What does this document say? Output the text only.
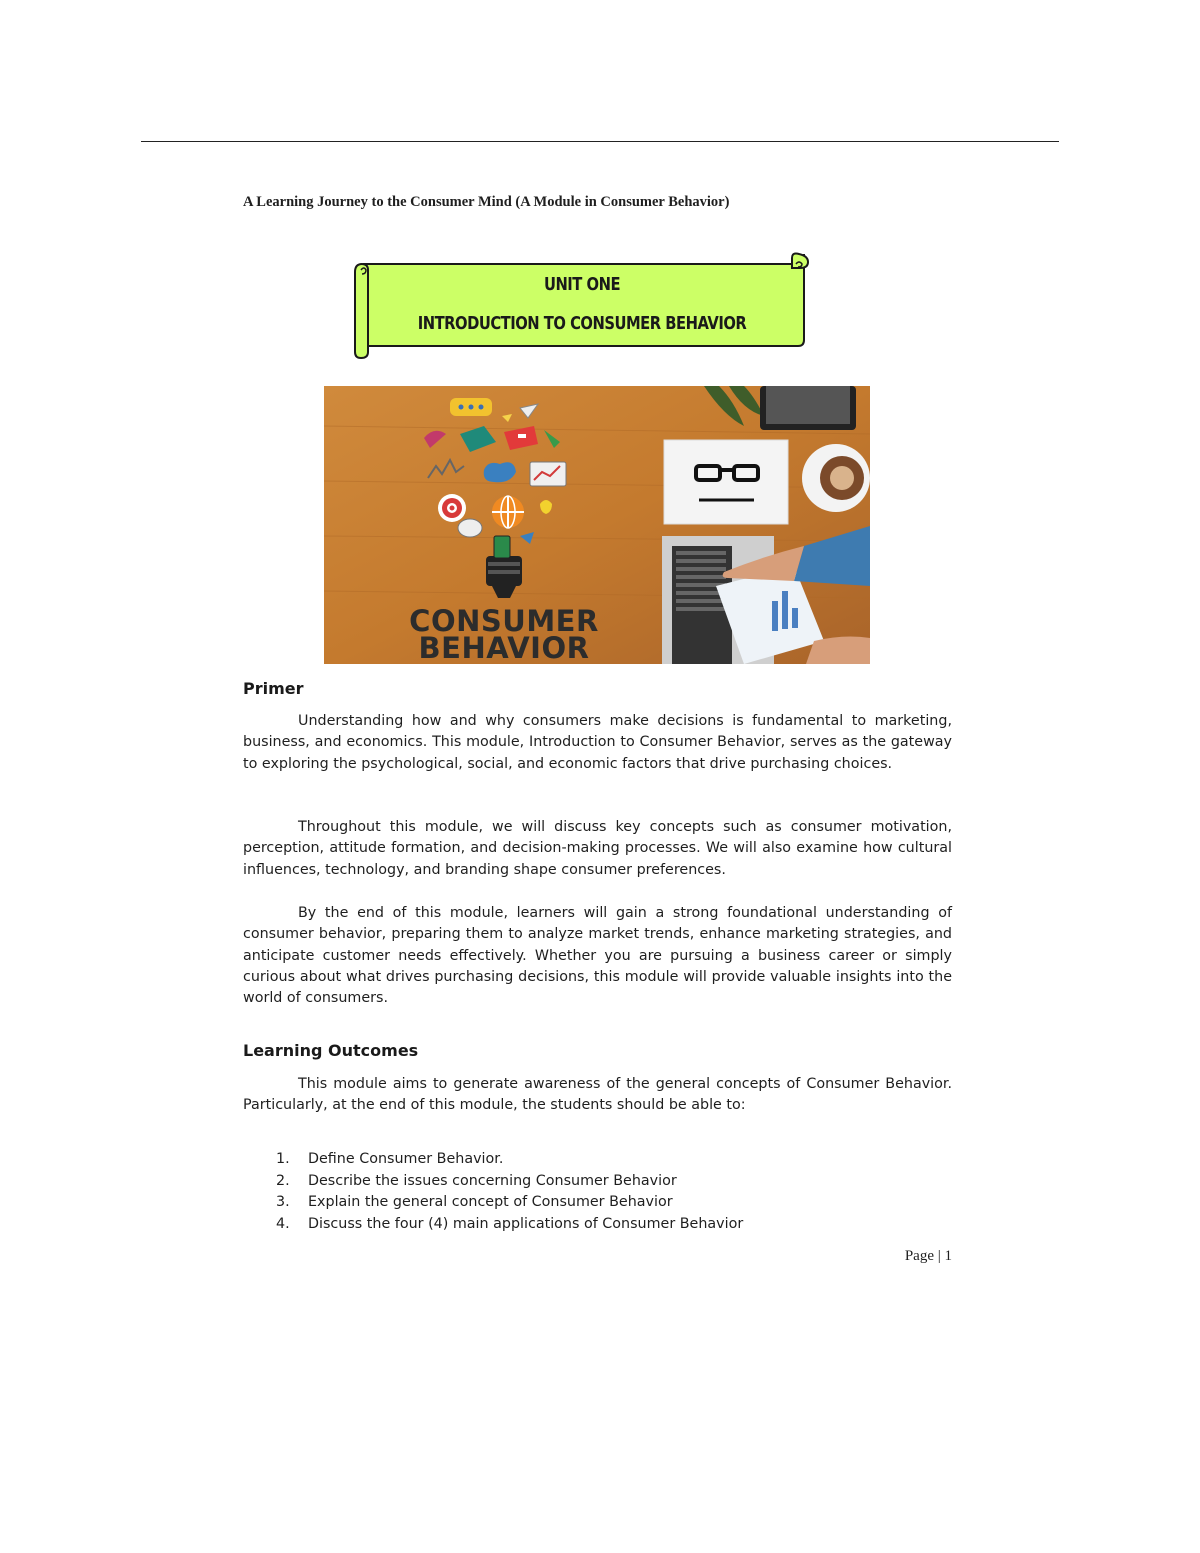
A Learning Journey to the Consumer Mind (A Module in Consumer Behavior)
UNIT ONE
INTRODUCTION TO CONSUMER BEHAVIOR
CONSUMER
BEHAVIOR
Primer

Understanding how and why consumers make decisions is fundamental to marketing, business, and economics. This module, Introduction to Consumer Behavior, serves as the gateway to exploring the psychological, social, and economic factors that drive purchasing choices.

Throughout this module, we will discuss key concepts such as consumer motivation, perception, attitude formation, and decision-making processes. We will also examine how cultural influences, technology, and branding shape consumer preferences.

By the end of this module, learners will gain a strong foundational understanding of consumer behavior, preparing them to analyze market trends, enhance marketing strategies, and anticipate customer needs effectively. Whether you are pursuing a business career or simply curious about what drives purchasing decisions, this module will provide valuable insights into the world of consumers.

Learning Outcomes

This module aims to generate awareness of the general concepts of Consumer Behavior. Particularly, at the end of this module, the students should be able to:

1. Define Consumer Behavior.
2. Describe the issues concerning Consumer Behavior
3. Explain the general concept of Consumer Behavior
4. Discuss the four (4) main applications of Consumer Behavior
Page | 1
